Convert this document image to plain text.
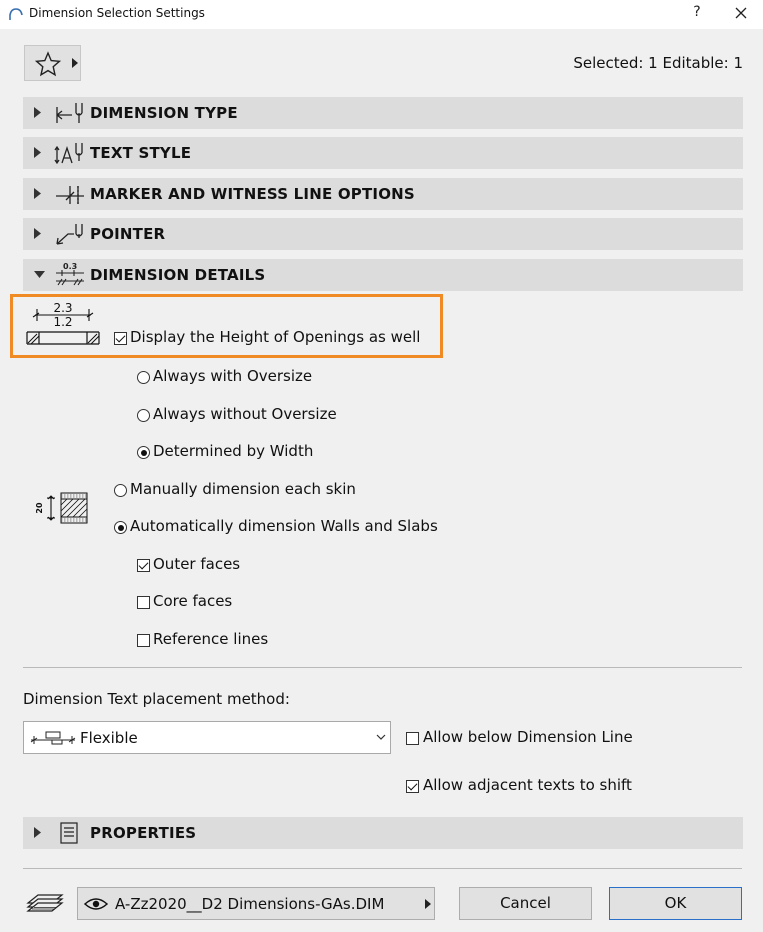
Dimension Selection Settings	?
Selected: 1 Editable: 1
DIMENSION TYPE
TEXT STYLE
MARKER AND WITNESS LINE OPTIONS
POINTER
0.3 DIMENSION DETAILS
2.3
1.2
Display the Height of Openings as well
Always with Oversize
Always without Oversize
Determined by Width
20
Manually dimension each skin
Automatically dimension Walls and Slabs
Outer faces
Core faces
Reference lines
Dimension Text placement method:
Flexible	Allow below Dimension Line
Allow adjacent texts to shift
PROPERTIES
A-Zz2020__D2 Dimensions-GAs.DIM	Cancel	OK
